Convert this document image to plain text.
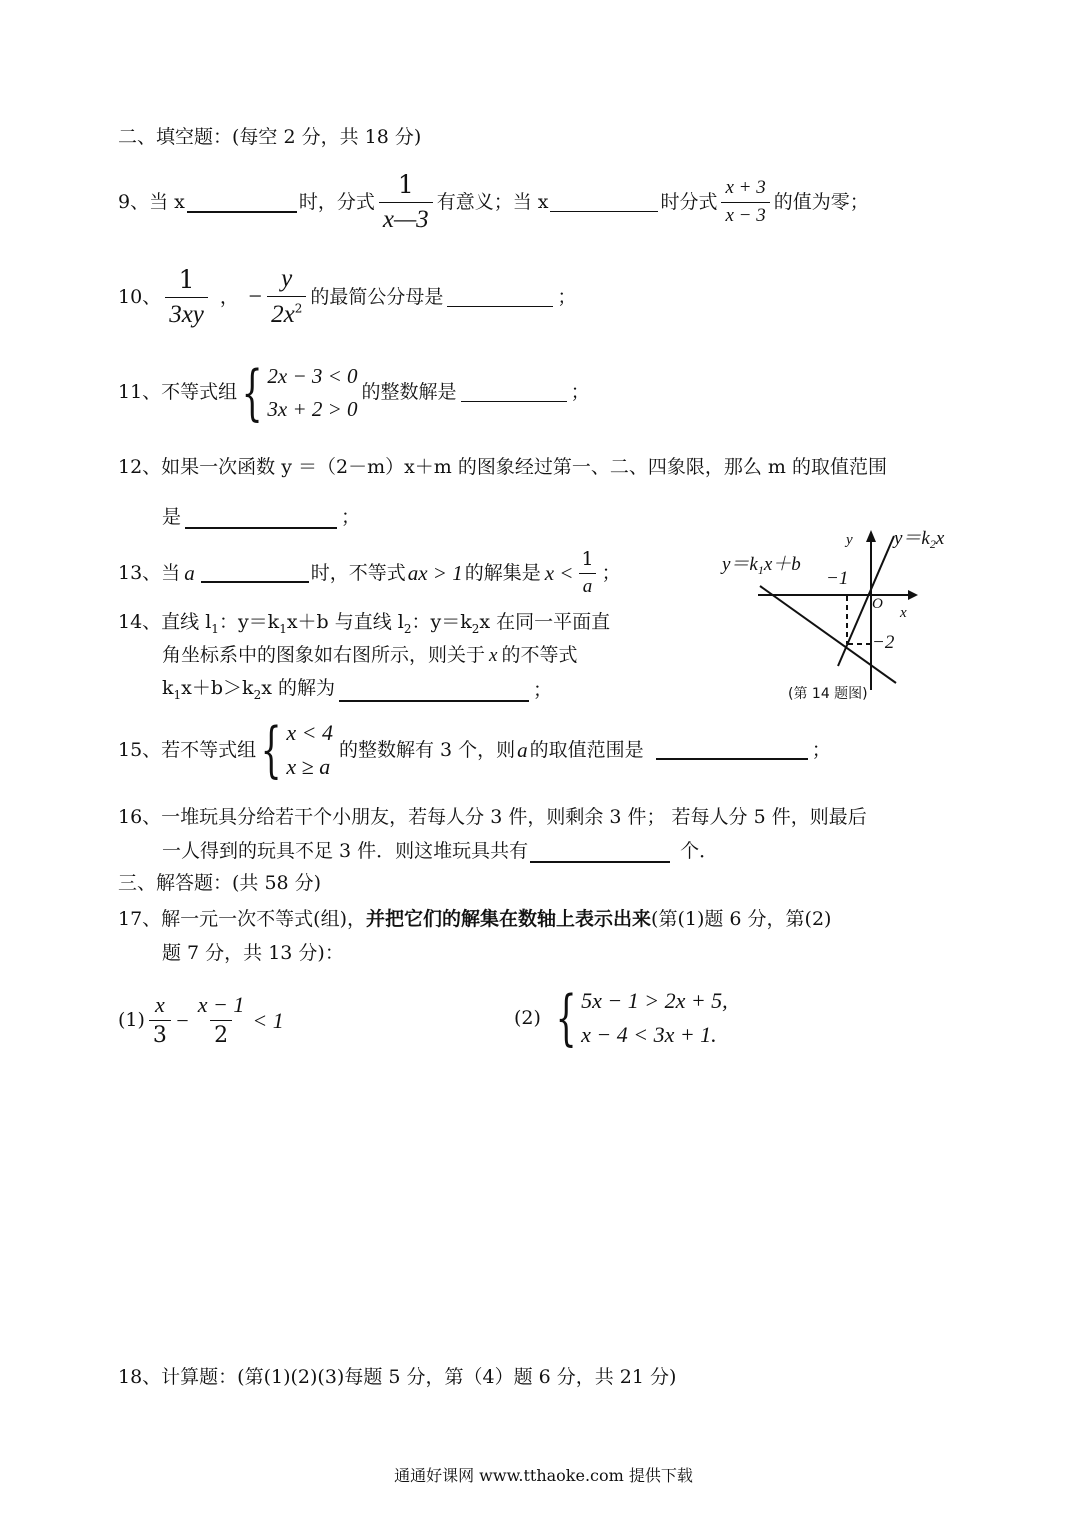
二、填空题：(每空 2 分，共 18 分)
9、当 x	时，分式 $\frac{1}{x—3}$ 有意义；当 x	时分式 $\frac{x + 3}{x - 3}$ 的值为零；
10、 $\frac{1}{3xy}$ ， − $\frac{y}{2x^2}$ 的最简公分母是	；
11、不等式组 { 2x − 3 < 0
3x + 2 > 0
的整数解是	；
12、如果一次函数 y ＝（2－m）x＋m 的图象经过第一、二、四象限，那么 m 的取值范围
是	；
13、当 a	时，不等式 ax > 1 的解集是 $x < \frac{1}{a}$ ；
14、直线 $l_1$：$y=k_1x+b$ 与直线 $l_2$：$y=k_2x$ 在同一平面直
角坐标系中的图象如右图所示，则关于 x 的不等式
$k_1x+b>k_2x$ 的解为	；
$y=k_1x+b$
$y=k_2x$
y
x
O
−1
−2
(第 14 题图)
15、若不等式组 { x < 4
x ≥ a
的整数解有 3 个，则 a 的取值范围是	；
16、一堆玩具分给若干个小朋友，若每人分 3 件，则剩余 3 件； 若每人分 5 件，则最后
一人得到的玩具不足 3 件．则这堆玩具共有	个．
三、解答题：(共 58 分)
17、解一元一次不等式(组)，并把它们的解集在数轴上表示出来(第(1)题 6 分，第(2)
题 7 分，共 13 分)：
$(1) \frac{x}{3} - \frac{x - 1}{2} < 1$	(2) { 5x − 1 > 2x + 5,
x − 4 < 3x + 1.
18、计算题：(第(1)(2)(3)每题 5 分，第（4）题 6 分，共 21 分)
通通好课网 www.tthaoke.com 提供下载
